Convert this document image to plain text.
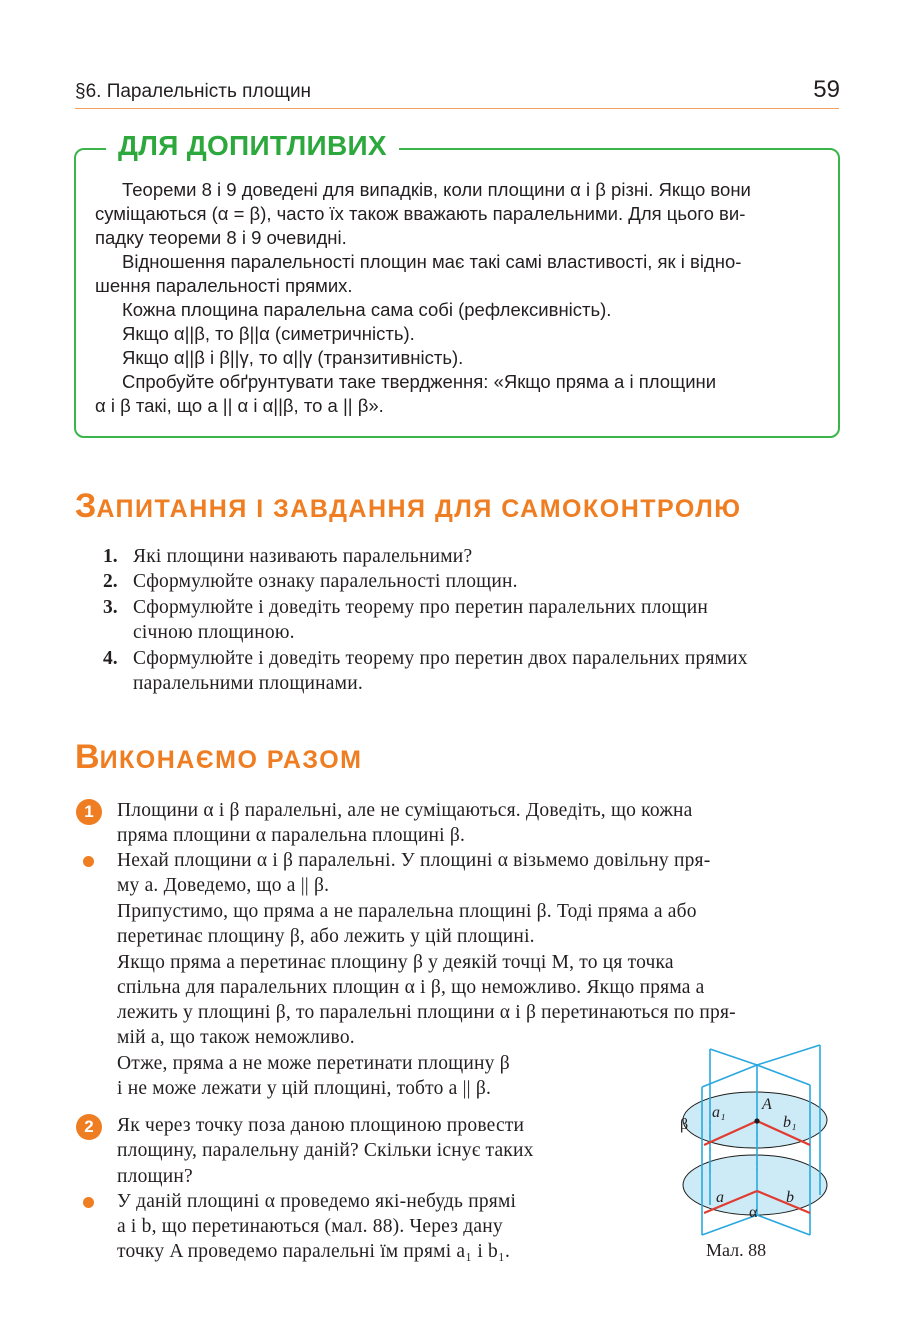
§6. Паралельність площин	59
ДЛЯ ДОПИТЛИВИХ
Теореми 8 і 9 доведені для випадків, коли площини α і β різні. Якщо вони
суміщаються (α = β), часто їх також вважають паралельними. Для цього ви-
падку теореми 8 і 9 очевидні.
Відношення паралельності площин має такі самі властивості, як і відно-
шення паралельності прямих.
Кожна площина паралельна сама собі (рефлексивність).
Якщо α||β, то β||α (симетричність).
Якщо α||β і β||γ, то α||γ (транзитивність).
Спробуйте обґрунтувати таке твердження: «Якщо пряма a і площини
α і β такі, що a || α і α||β, то a || β».
ЗАПИТАННЯ І ЗАВДАННЯ ДЛЯ САМОКОНТРОЛЮ
1. Які площини називають паралельними?
2. Сформулюйте ознаку паралельності площин.
3. Сформулюйте і доведіть теорему про перетин паралельних площин
січною площиною.
4. Сформулюйте і доведіть теорему про перетин двох паралельних прямих
паралельними площинами.
ВИКОНАЄМО РАЗОМ
1	Площини α і β паралельні, але не суміщаються. Доведіть, що кожна
пряма площини α паралельна площині β.
Нехай площини α і β паралельні. У площині α візьмемо довільну пря-
му a. Доведемо, що a || β.
Припустимо, що пряма a не паралельна площині β. Тоді пряма a або
перетинає площину β, або лежить у цій площині.
Якщо пряма a перетинає площину β у деякій точці M, то ця точка
спільна для паралельних площин α і β, що неможливо. Якщо пряма a
лежить у площині β, то паралельні площини α і β перетинаються по пря-
мій a, що також неможливо.
Отже, пряма a не може перетинати площину β
і не може лежати у цій площині, тобто a || β.
2	Як через точку поза даною площиною провести
площину, паралельну даній? Скільки існує таких
площин?
У даній площині α проведемо які-небудь прямі
a і b, що перетинаються (мал. 88). Через дану
точку A проведемо паралельні їм прямі a₁ і b₁.
β
a₁ A
b₁
a	b
α
Мал. 88
